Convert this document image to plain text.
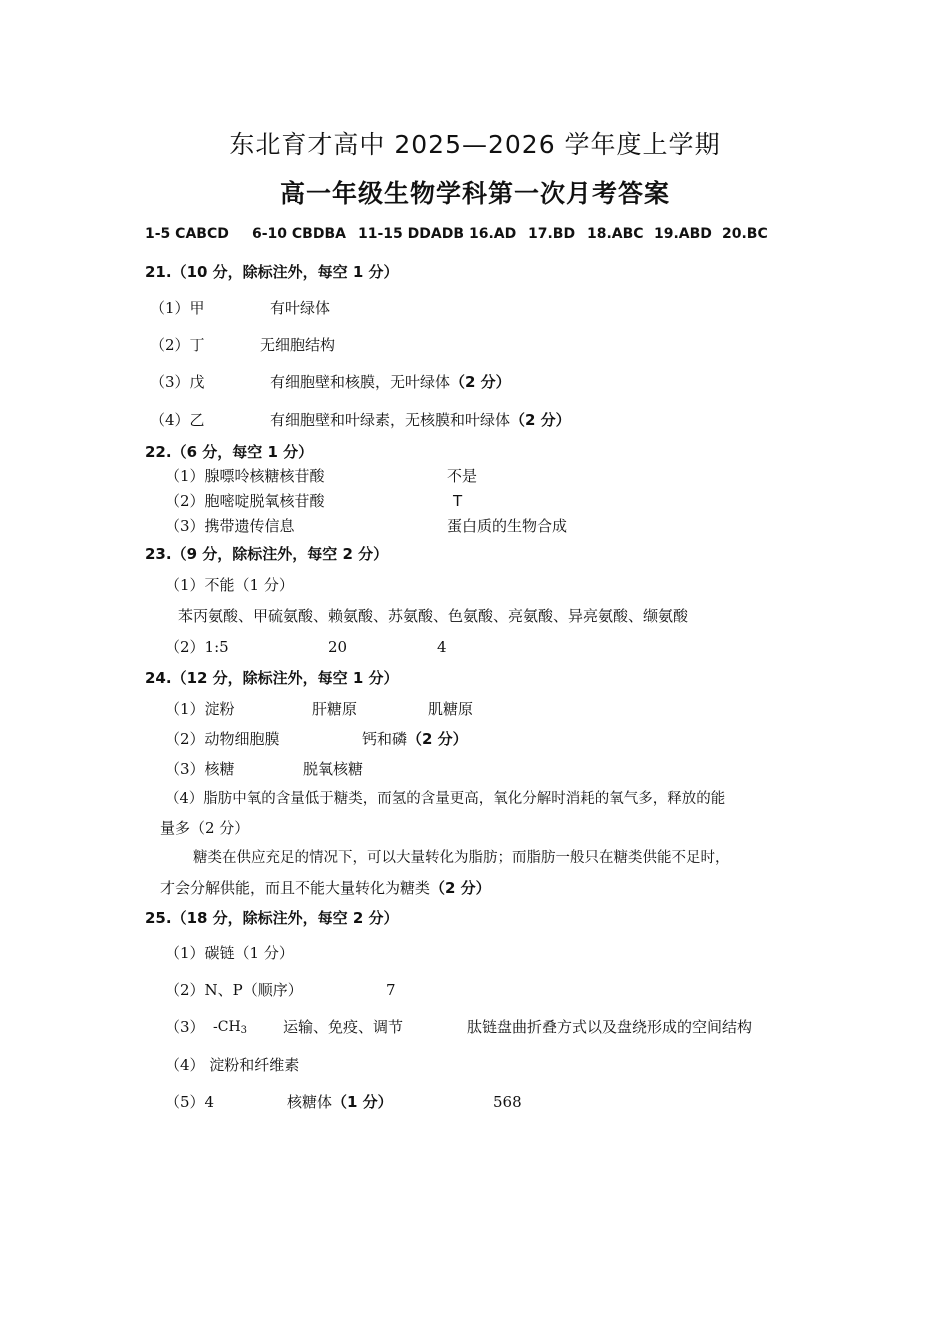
东北育才高中 2025—2026 学年度上学期
高一年级生物学科第一次月考答案
1-5 CABCD 6-10 CBDBA 11-15 DDADB 16.AD 17.BD 18.ABC 19.ABD 20.BC
21.（10 分，除标注外，每空 1 分）
（1）甲	有叶绿体
（2）丁	无细胞结构
（3）戊	有细胞壁和核膜，无叶绿体（2 分）
（4）乙	有细胞壁和叶绿素，无核膜和叶绿体（2 分）
22.（6 分，每空 1 分）
（1）腺嘌呤核糖核苷酸	不是
（2）胞嘧啶脱氧核苷酸	T
（3）携带遗传信息	蛋白质的生物合成
23.（9 分，除标注外，每空 2 分）
（1）不能（1 分）
苯丙氨酸、甲硫氨酸、赖氨酸、苏氨酸、色氨酸、亮氨酸、异亮氨酸、缬氨酸
（2）1:5	20	4
24.（12 分，除标注外，每空 1 分）
（1）淀粉	肝糖原	肌糖原
（2）动物细胞膜	钙和磷（2 分）
（3）核糖	脱氧核糖
（4）脂肪中氧的含量低于糖类，而氢的含量更高，氧化分解时消耗的氧气多，释放的能
量多（2 分）
糖类在供应充足的情况下，可以大量转化为脂肪；而脂肪一般只在糖类供能不足时，
才会分解供能，而且不能大量转化为糖类（2 分）
25.（18 分，除标注外，每空 2 分）
（1）碳链（1 分）
（2）N、P（顺序）	7
（3） $-CH_3$ 运输、免疫、调节	肽链盘曲折叠方式以及盘绕形成的空间结构
（4） 淀粉和纤维素
（5）4	核糖体（1 分）	568
